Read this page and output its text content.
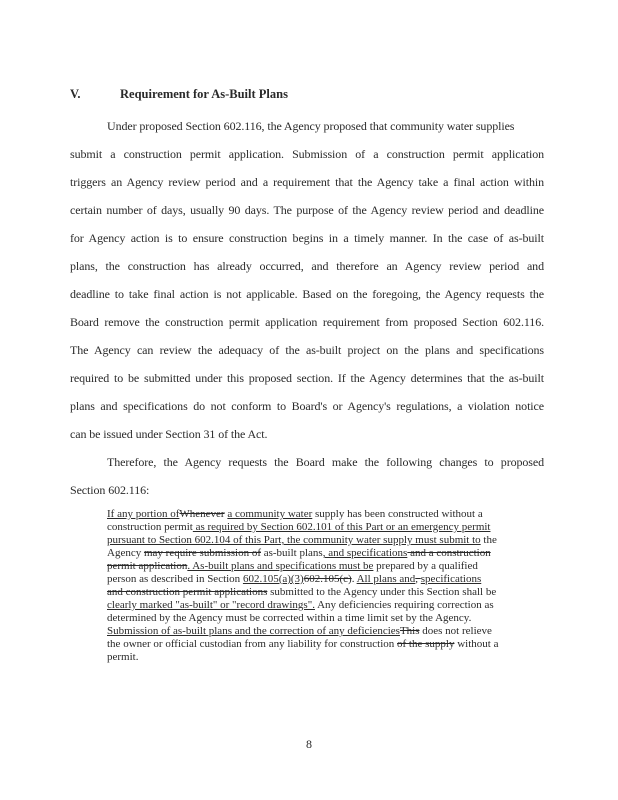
V.	Requirement for As-Built Plans
Under proposed Section 602.116, the Agency proposed that community water supplies
submit a construction permit application. Submission of a construction permit application
triggers an Agency review period and a requirement that the Agency take a final action within
certain number of days, usually 90 days. The purpose of the Agency review period and deadline
for Agency action is to ensure construction begins in a timely manner. In the case of as-built
plans, the construction has already occurred, and therefore an Agency review period and
deadline to take final action is not applicable. Based on the foregoing, the Agency requests the
Board remove the construction permit application requirement from proposed Section 602.116.
The Agency can review the adequacy of the as-built project on the plans and specifications
required to be submitted under this proposed section. If the Agency determines that the as-built
plans and specifications do not conform to Board's or Agency's regulations, a violation notice
can be issued under Section 31 of the Act.
Therefore, the Agency requests the Board make the following changes to proposed
Section 602.116:
If any portion ofWhenever a community water supply has been constructed without a
construction permit as required by Section 602.101 of this Part or an emergency permit
pursuant to Section 602.104 of this Part, the community water supply must submit to the
Agency may require submission of as-built plans, and specifications and a construction
permit application. As-built plans and specifications must be prepared by a qualified
person as described in Section 602.105(a)(3)602.105(c). All plans and, specifications
and construction permit applications submitted to the Agency under this Section shall be
clearly marked "as-built" or "record drawings". Any deficiencies requiring correction as
determined by the Agency must be corrected within a time limit set by the Agency.
Submission of as-built plans and the correction of any deficienciesThis does not relieve
the owner or official custodian from any liability for construction of the supply without a
permit.
8
